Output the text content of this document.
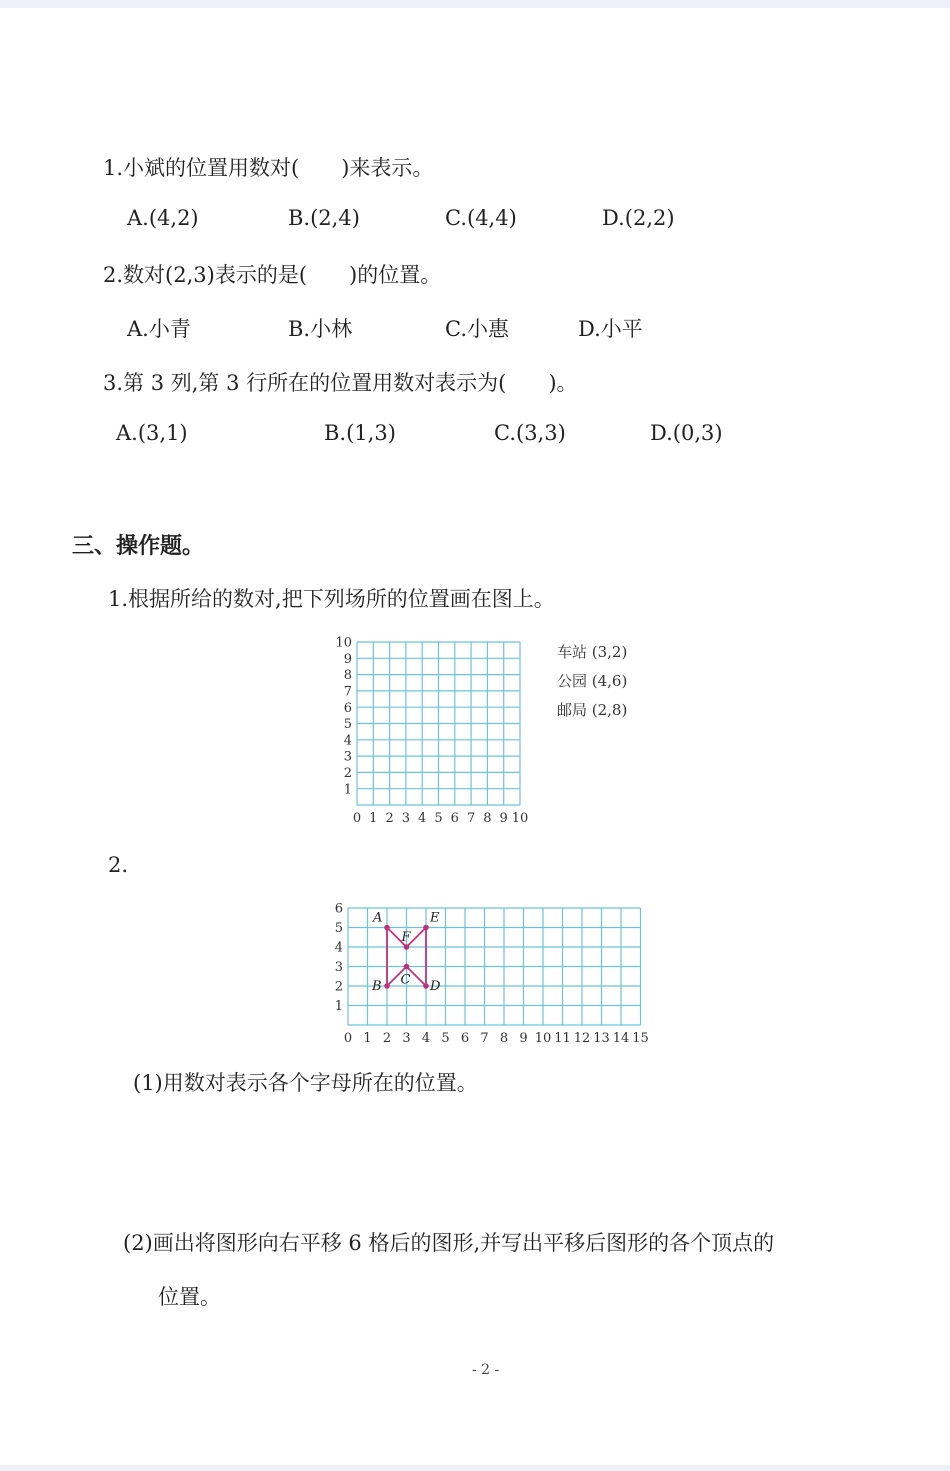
1.小斌的位置用数对(　　)来表示。
A.(4,2)	B.(2,4)	C.(4,4)	D.(2,2)
2.数对(2,3)表示的是(　　)的位置。
A.小青	B.小林	C.小惠	D.小平
3.第 3 列,第 3 行所在的位置用数对表示为(　　)。
A.(3,1)	B.(1,3)	C.(3,3)	D.(0,3)
三、操作题。
1.根据所给的数对,把下列场所的位置画在图上。
0 1 2 3 4 5 6 7 8 9 10
1
2
3
4
5
6
7
8
9
10	车站 (3,2)
公园 (4,6)
邮局 (2,8)
2.
0 1 2 3 4 5 6 7 8 9 10 11 12 13 14 15
1
2
3
4
5
6
A	E
F
C
B	D
(1)用数对表示各个字母所在的位置。
(2)画出将图形向右平移 6 格后的图形,并写出平移后图形的各个顶点的
位置。
- 2 -
